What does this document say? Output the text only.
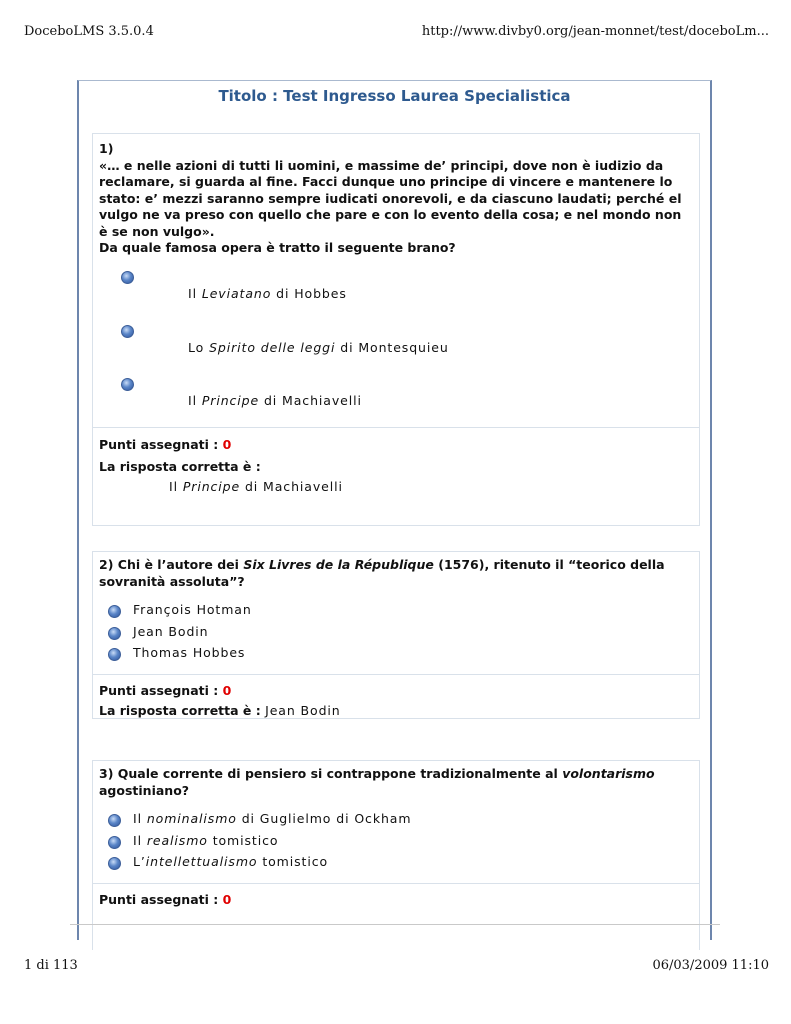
DoceboLMS 3.5.0.4	http://www.divby0.org/jean-monnet/test/doceboLm...
Titolo : Test Ingresso Laurea Specialistica
1)
«… e nelle azioni di tutti li uomini, e massime de’ principi, dove non è iudizio da reclamare, si guarda al fine. Facci dunque uno principe di vincere e mantenere lo stato: e’ mezzi saranno sempre iudicati onorevoli, e da ciascuno laudati; perché el vulgo ne va preso con quello che pare e con lo evento della cosa; e nel mondo non è se non vulgo».
Da quale famosa opera è tratto il seguente brano?
Il Leviatano di Hobbes
Lo Spirito delle leggi di Montesquieu
Il Principe di Machiavelli
Punti assegnati : 0
La risposta corretta è :
Il Principe di Machiavelli
2) Chi è l’autore dei Six Livres de la République (1576), ritenuto il “teorico della sovranità assoluta”?
François Hotman
Jean Bodin
Thomas Hobbes
Punti assegnati : 0
La risposta corretta è : Jean Bodin
3) Quale corrente di pensiero si contrappone tradizionalmente al volontarismo agostiniano?
Il nominalismo di Guglielmo di Ockham
Il realismo tomistico
L’intellettualismo tomistico
Punti assegnati : 0
1 di 113	06/03/2009 11:10
